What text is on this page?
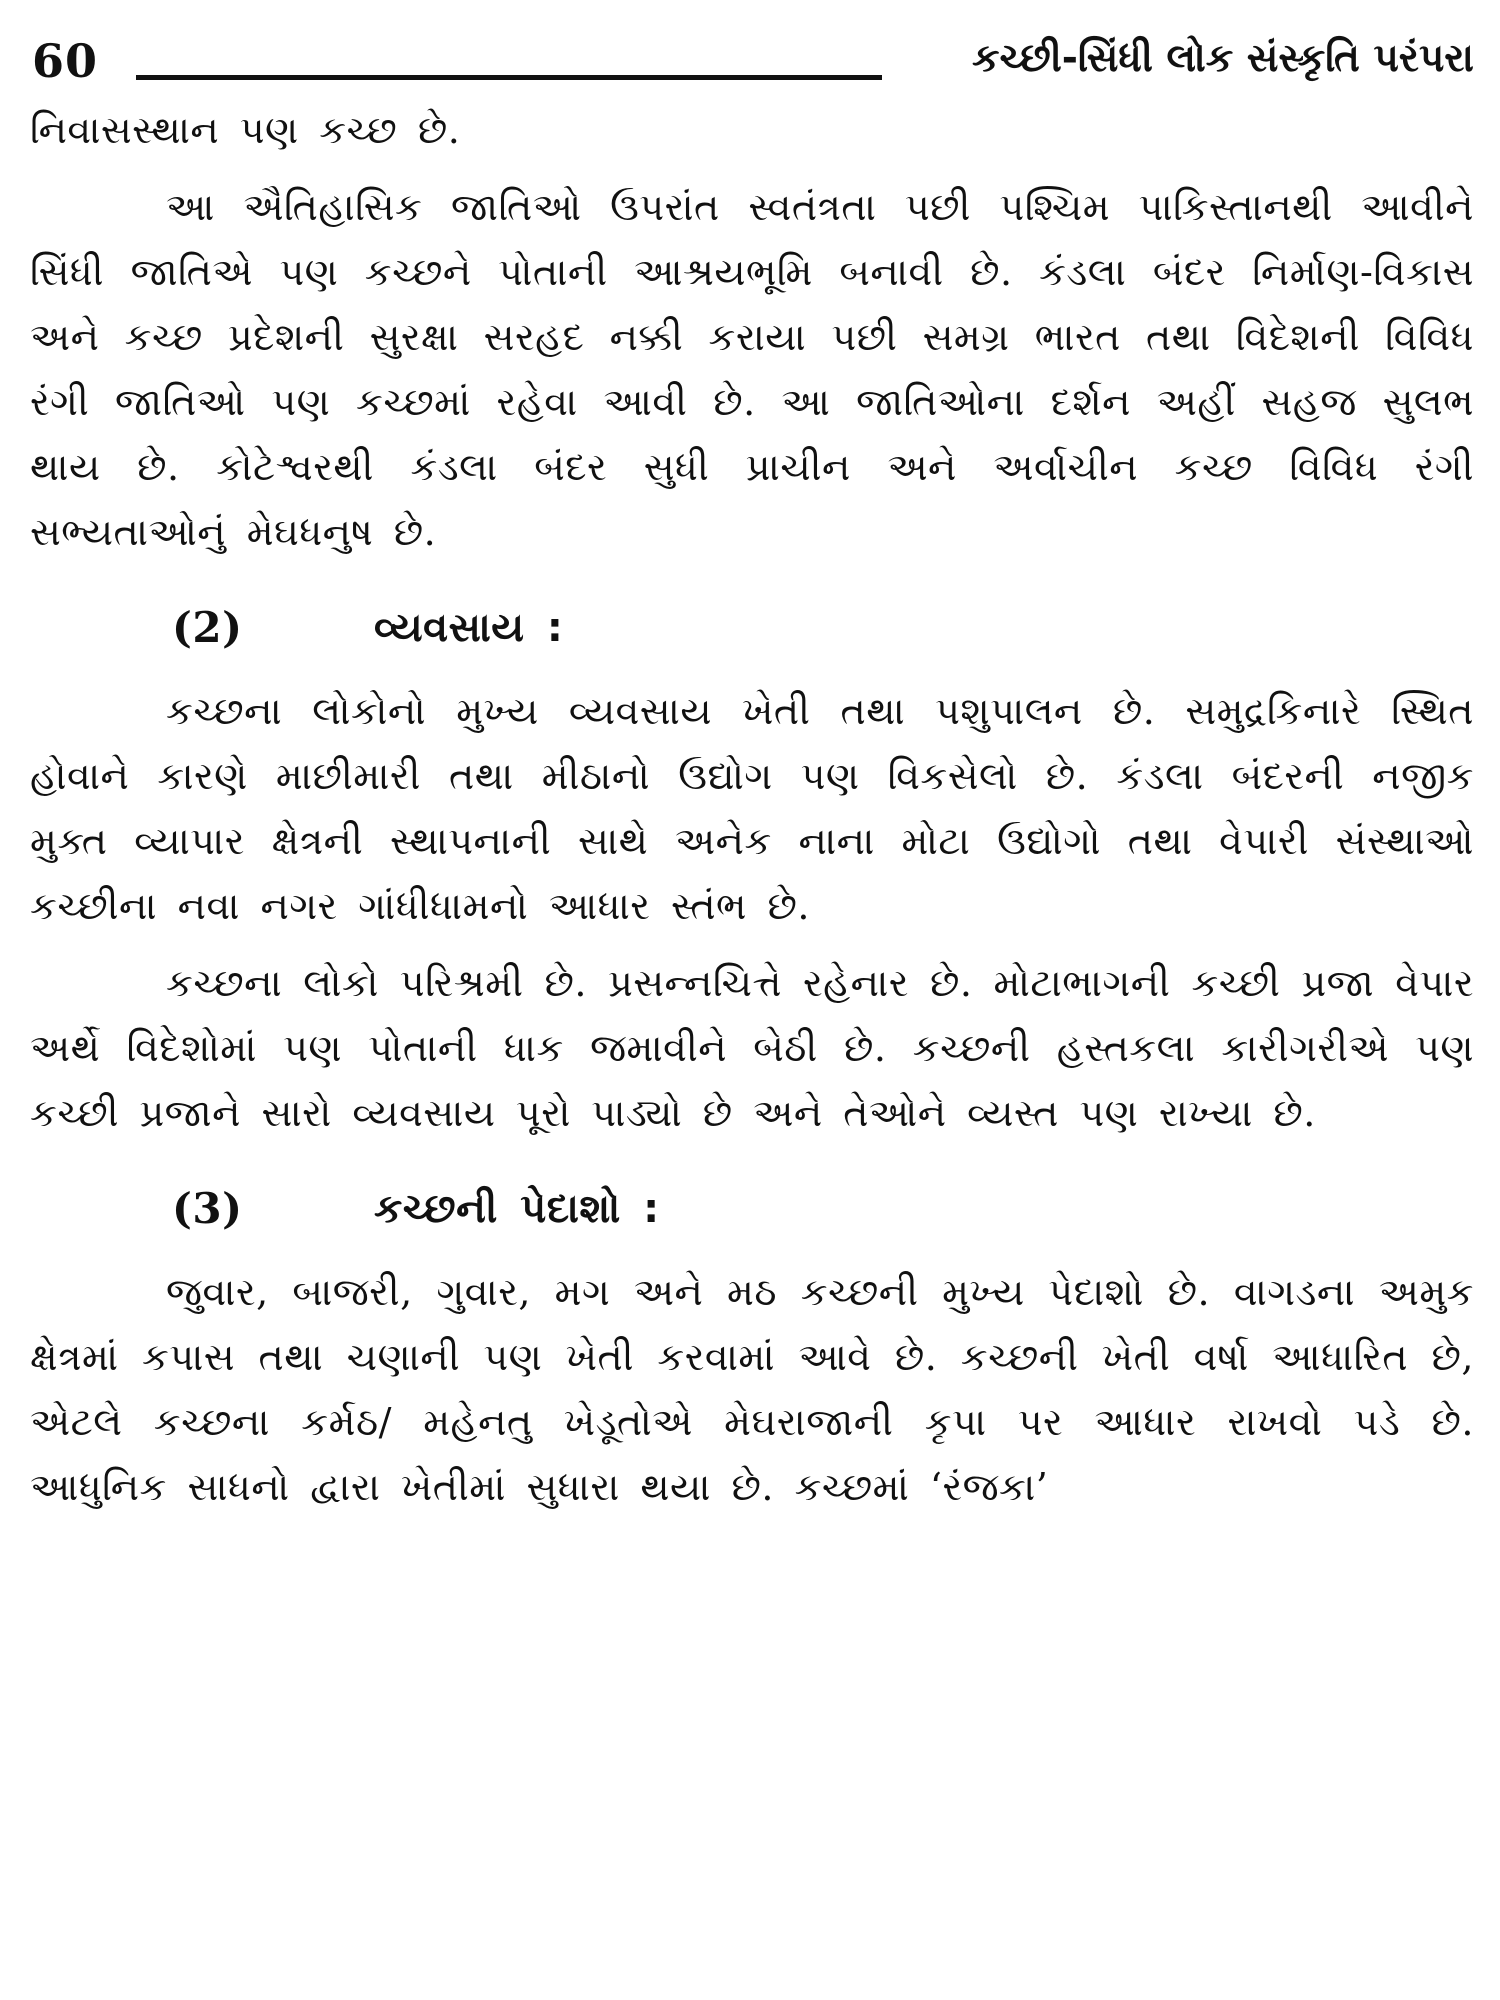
60	કચ્છી-સિંધી લોક સંસ્કૃતિ પરંપરા

નિવાસસ્થાન પણ કચ્છ છે.

આ ઐતિહાસિક જાતિઓ ઉપરાંત સ્વતંત્રતા પછી પશ્ચિમ પાકિસ્તાનથી આવીને સિંધી જાતિએ પણ કચ્છને પોતાની આશ્રયભૂમિ બનાવી છે. કંડલા બંદર નિર્માણ-વિકાસ અને કચ્છ પ્રદેશની સુરક્ષા સરહદ નક્કી કરાયા પછી સમગ્ર ભારત તથા વિદેશની વિવિધ રંગી જાતિઓ પણ કચ્છમાં રહેવા આવી છે. આ જાતિઓના દર્શન અહીં સહજ સુલભ થાય છે. કોટેશ્વરથી કંડલા બંદર સુધી પ્રાચીન અને અર્વાચીન કચ્છ વિવિધ રંગી સભ્યતાઓનું મેઘધનુષ છે.

(2)	વ્યવસાય :

કચ્છના લોકોનો મુખ્ય વ્યવસાય ખેતી તથા પશુપાલન છે. સમુદ્રકિનારે સ્થિત હોવાને કારણે માછીમારી તથા મીઠાનો ઉદ્યોગ પણ વિકસેલો છે. કંડલા બંદરની નજીક મુક્ત વ્યાપાર ક્ષેત્રની સ્થાપનાની સાથે અનેક નાના મોટા ઉદ્યોગો તથા વેપારી સંસ્થાઓ કચ્છીના નવા નગર ગાંધીધામનો આધાર સ્તંભ છે.

કચ્છના લોકો પરિશ્રમી છે. પ્રસન્નચિત્તે રહેનાર છે. મોટાભાગની કચ્છી પ્રજા વેપાર અર્થે વિદેશોમાં પણ પોતાની ધાક જમાવીને બેઠી છે. કચ્છની હસ્તકલા કારીગરીએ પણ કચ્છી પ્રજાને સારો વ્યવસાય પૂરો પાડ્યો છે અને તેઓને વ્યસ્ત પણ રાખ્યા છે.

(3)	કચ્છની પેદાશો :

જુવાર, બાજરી, ગુવાર, મગ અને મઠ કચ્છની મુખ્ય પેદાશો છે. વાગડના અમુક ક્ષેત્રમાં કપાસ તથા ચણાની પણ ખેતી કરવામાં આવે છે. કચ્છની ખેતી વર્ષા આધારિત છે, એટલે કચ્છના કર્મઠ/ મહેનતુ ખેડૂતોએ મેઘરાજાની કૃપા પર આધાર રાખવો પડે છે. આધુનિક સાધનો દ્વારા ખેતીમાં સુધારા થયા છે. કચ્છમાં ‘રંજકા’
